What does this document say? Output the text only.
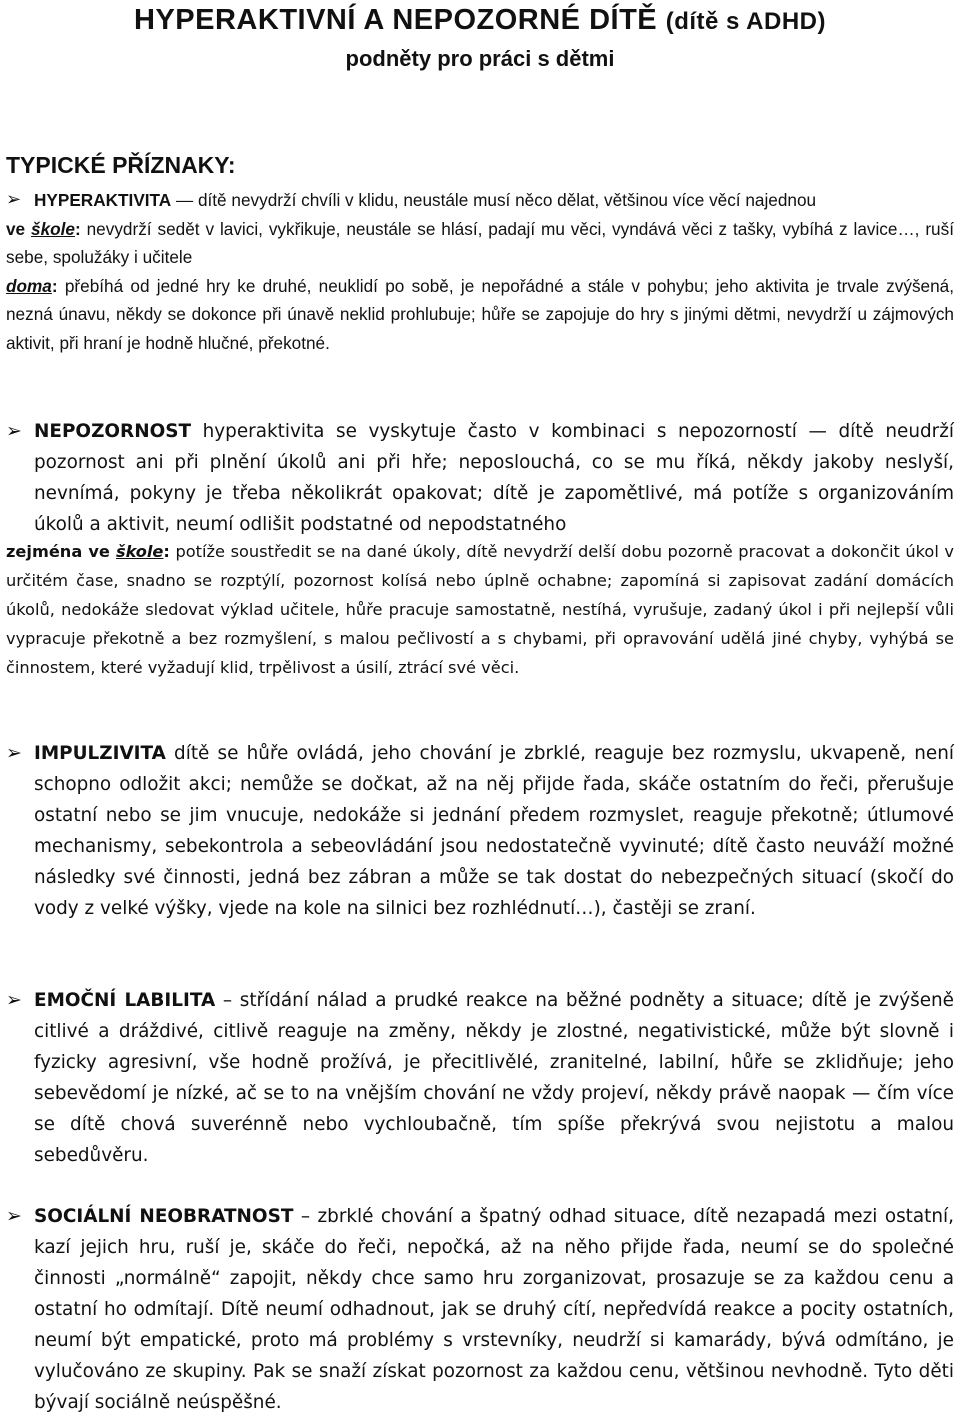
HYPERAKTIVNÍ A NEPOZORNÉ DÍTĚ (dítě s ADHD)
podněty pro práci s dětmi
TYPICKÉ PŘÍZNAKY:
➢ HYPERAKTIVITA — dítě nevydrží chvíli v klidu, neustále musí něco dělat, většinou více věcí najednou
ve škole: nevydrží sedět v lavici, vykřikuje, neustále se hlásí, padají mu věci, vyndává věci z tašky, vybíhá z lavice…, ruší sebe, spolužáky i učitele
doma: přebíhá od jedné hry ke druhé, neuklidí po sobě, je nepořádné a stále v pohybu; jeho aktivita je trvale zvýšená, nezná únavu, někdy se dokonce při únavě neklid prohlubuje; hůře se zapojuje do hry s jinými dětmi, nevydrží u zájmových aktivit, při hraní je hodně hlučné, překotné.
➢ NEPOZORNOST hyperaktivita se vyskytuje často v kombinaci s nepozorností — dítě neudrží pozornost ani při plnění úkolů ani při hře; neposlouchá, co se mu říká, někdy jakoby neslyší, nevnímá, pokyny je třeba několikrát opakovat; dítě je zapomětlivé, má potíže s organizováním úkolů a aktivit, neumí odlišit podstatné od nepodstatného
zejména ve škole: potíže soustředit se na dané úkoly, dítě nevydrží delší dobu pozorně pracovat a dokončit úkol v určitém čase, snadno se rozptýlí, pozornost kolísá nebo úplně ochabne; zapomíná si zapisovat zadání domácích úkolů, nedokáže sledovat výklad učitele, hůře pracuje samostatně, nestíhá, vyrušuje, zadaný úkol i při nejlepší vůli vypracuje překotně a bez rozmyšlení, s malou pečlivostí a s chybami, při opravování udělá jiné chyby, vyhýbá se činnostem, které vyžadují klid, trpělivost a úsilí, ztrácí své věci.
➢ IMPULZIVITA dítě se hůře ovládá, jeho chování je zbrklé, reaguje bez rozmyslu, ukvapeně, není schopno odložit akci; nemůže se dočkat, až na něj přijde řada, skáče ostatním do řeči, přerušuje ostatní nebo se jim vnucuje, nedokáže si jednání předem rozmyslet, reaguje překotně; útlumové mechanismy, sebekontrola a sebeovládání jsou nedostatečně vyvinuté; dítě často neuváží možné následky své činnosti, jedná bez zábran a může se tak dostat do nebezpečných situací (skočí do vody z velké výšky, vjede na kole na silnici bez rozhlédnutí…), častěji se zraní.
➢ EMOČNÍ LABILITA – střídání nálad a prudké reakce na běžné podněty a situace; dítě je zvýšeně citlivé a dráždivé, citlivě reaguje na změny, někdy je zlostné, negativistické, může být slovně i fyzicky agresivní, vše hodně prožívá, je přecitlivělé, zranitelné, labilní, hůře se zklidňuje; jeho sebevědomí je nízké, ač se to na vnějším chování ne vždy projeví, někdy právě naopak — čím více se dítě chová suverénně nebo vychloubačně, tím spíše překrývá svou nejistotu a malou sebedůvěru.
➢ SOCIÁLNÍ NEOBRATNOST – zbrklé chování a špatný odhad situace, dítě nezapadá mezi ostatní, kazí jejich hru, ruší je, skáče do řeči, nepočká, až na něho přijde řada, neumí se do společné činnosti „normálně“ zapojit, někdy chce samo hru zorganizovat, prosazuje se za každou cenu a ostatní ho odmítají. Dítě neumí odhadnout, jak se druhý cítí, nepředvídá reakce a pocity ostatních, neumí být empatické, proto má problémy s vrstevníky, neudrží si kamarády, bývá odmítáno, je vylučováno ze skupiny. Pak se snaží získat pozornost za každou cenu, většinou nevhodně. Tyto děti bývají sociálně neúspěšné.
